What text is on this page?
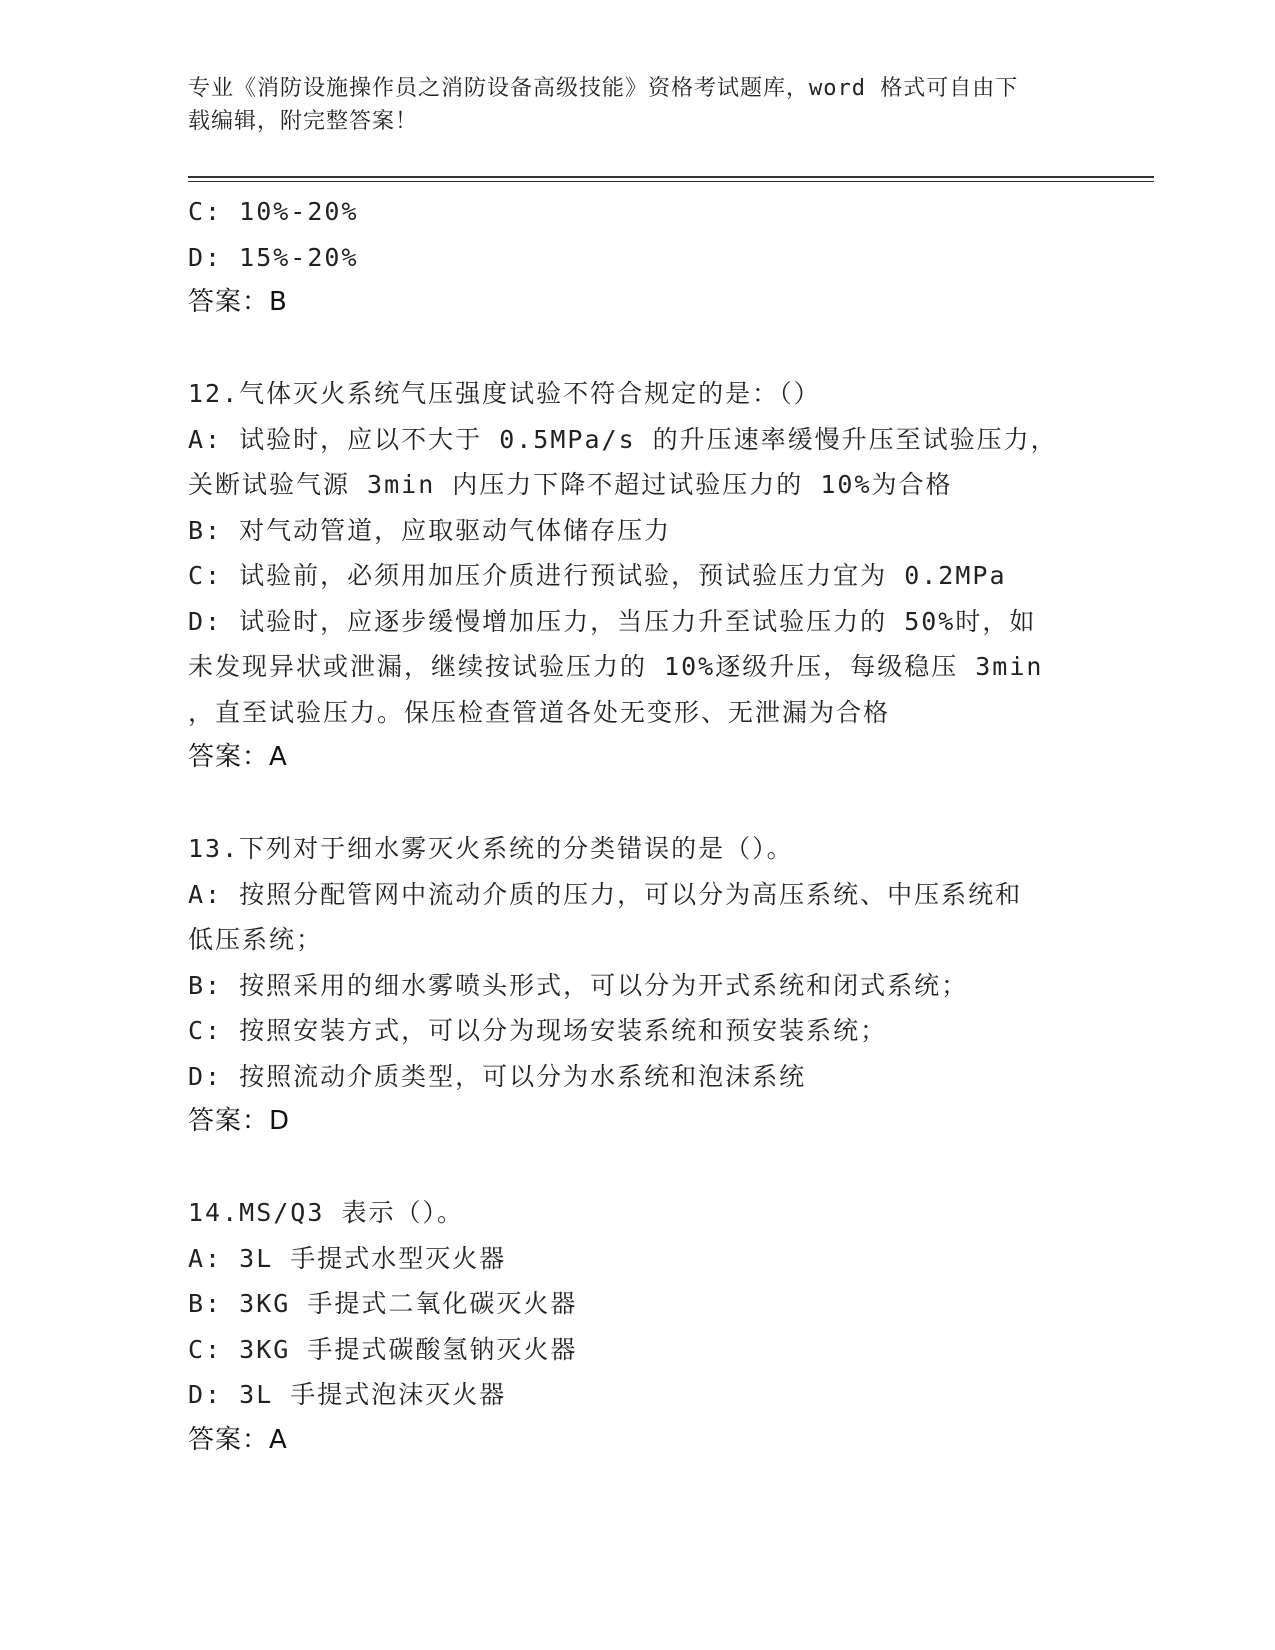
专业《消防设施操作员之消防设备高级技能》资格考试题库，word 格式可自由下
载编辑，附完整答案！
C: 10%-20%
D: 15%-20%
答案：B
12.气体灭火系统气压强度试验不符合规定的是：（）
A: 试验时，应以不大于 0.5MPa/s 的升压速率缓慢升压至试验压力，
关断试验气源 3min 内压力下降不超过试验压力的 10%为合格
B: 对气动管道，应取驱动气体储存压力
C: 试验前，必须用加压介质进行预试验，预试验压力宜为 0.2MPa
D: 试验时，应逐步缓慢增加压力，当压力升至试验压力的 50%时，如
未发现异状或泄漏，继续按试验压力的 10%逐级升压，每级稳压 3min
，直至试验压力。保压检查管道各处无变形、无泄漏为合格
答案：A
13.下列对于细水雾灭火系统的分类错误的是（）。
A: 按照分配管网中流动介质的压力，可以分为高压系统、中压系统和
低压系统；
B: 按照采用的细水雾喷头形式，可以分为开式系统和闭式系统；
C: 按照安装方式，可以分为现场安装系统和预安装系统；
D: 按照流动介质类型，可以分为水系统和泡沫系统
答案：D
14.MS/Q3 表示（）。
A: 3L 手提式水型灭火器
B: 3KG 手提式二氧化碳灭火器
C: 3KG 手提式碳酸氢钠灭火器
D: 3L 手提式泡沫灭火器
答案：A
